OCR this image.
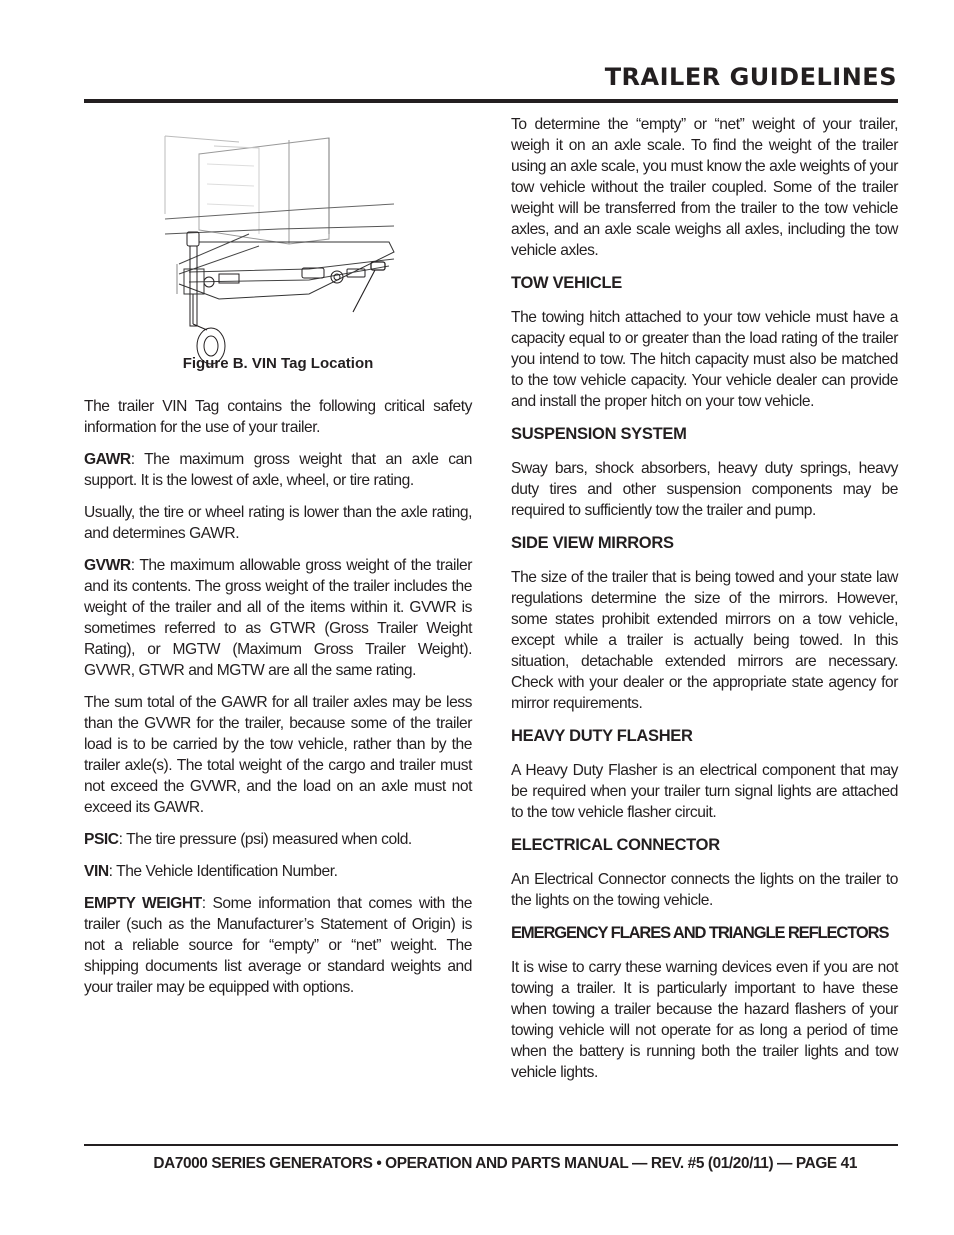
TRAILER GUIDELINES
Figure B. VIN Tag Location

The trailer VIN Tag contains the following critical safety information for the use of your trailer.

GAWR: The maximum gross weight that an axle can support. It is the lowest of axle, wheel, or tire rating.

Usually, the tire or wheel rating is lower than the axle rating, and determines GAWR.

GVWR: The maximum allowable gross weight of the trailer and its contents. The gross weight of the trailer includes the weight of the trailer and all of the items within it. GVWR is sometimes referred to as GTWR (Gross Trailer Weight Rating), or MGTW (Maximum Gross Trailer Weight). GVWR, GTWR and MGTW are all the same rating.

The sum total of the GAWR for all trailer axles may be less than the GVWR for the trailer, because some of the trailer load is to be carried by the tow vehicle, rather than by the trailer axle(s). The total weight of the cargo and trailer must not exceed the GVWR, and the load on an axle must not exceed its GAWR.

PSIC: The tire pressure (psi) measured when cold.

VIN: The Vehicle Identification Number.

EMPTY WEIGHT: Some information that comes with the trailer (such as the Manufacturer’s Statement of Origin) is not a reliable source for “empty” or “net” weight. The shipping documents list average or standard weights and your trailer may be equipped with options.

To determine the “empty” or “net” weight of your trailer, weigh it on an axle scale. To find the weight of the trailer using an axle scale, you must know the axle weights of your tow vehicle without the trailer coupled. Some of the trailer weight will be transferred from the trailer to the tow vehicle axles, and an axle scale weighs all axles, including the tow vehicle axles.

TOW VEHICLE

The towing hitch attached to your tow vehicle must have a capacity equal to or greater than the load rating of the trailer you intend to tow. The hitch capacity must also be matched to the tow vehicle capacity. Your vehicle dealer can provide and install the proper hitch on your tow vehicle.

SUSPENSION SYSTEM

Sway bars, shock absorbers, heavy duty springs, heavy duty tires and other suspension components may be required to sufficiently tow the trailer and pump.

SIDE VIEW MIRRORS

The size of the trailer that is being towed and your state law regulations determine the size of the mirrors. However, some states prohibit extended mirrors on a tow vehicle, except while a trailer is actually being towed. In this situation, detachable extended mirrors are necessary. Check with your dealer or the appropriate state agency for mirror requirements.

HEAVY DUTY FLASHER

A Heavy Duty Flasher is an electrical component that may be required when your trailer turn signal lights are attached to the tow vehicle flasher circuit.

ELECTRICAL CONNECTOR

An Electrical Connector connects the lights on the trailer to the lights on the towing vehicle.

EMERGENCY FLARES AND TRIANGLE REFLECTORS

It is wise to carry these warning devices even if you are not towing a trailer. It is particularly important to have these when towing a trailer because the hazard flashers of your towing vehicle will not operate for as long a period of time when the battery is running both the trailer lights and tow vehicle lights.

DA7000 SERIES GENERATORS • OPERATION AND PARTS MANUAL — REV. #5 (01/20/11) — PAGE 41
